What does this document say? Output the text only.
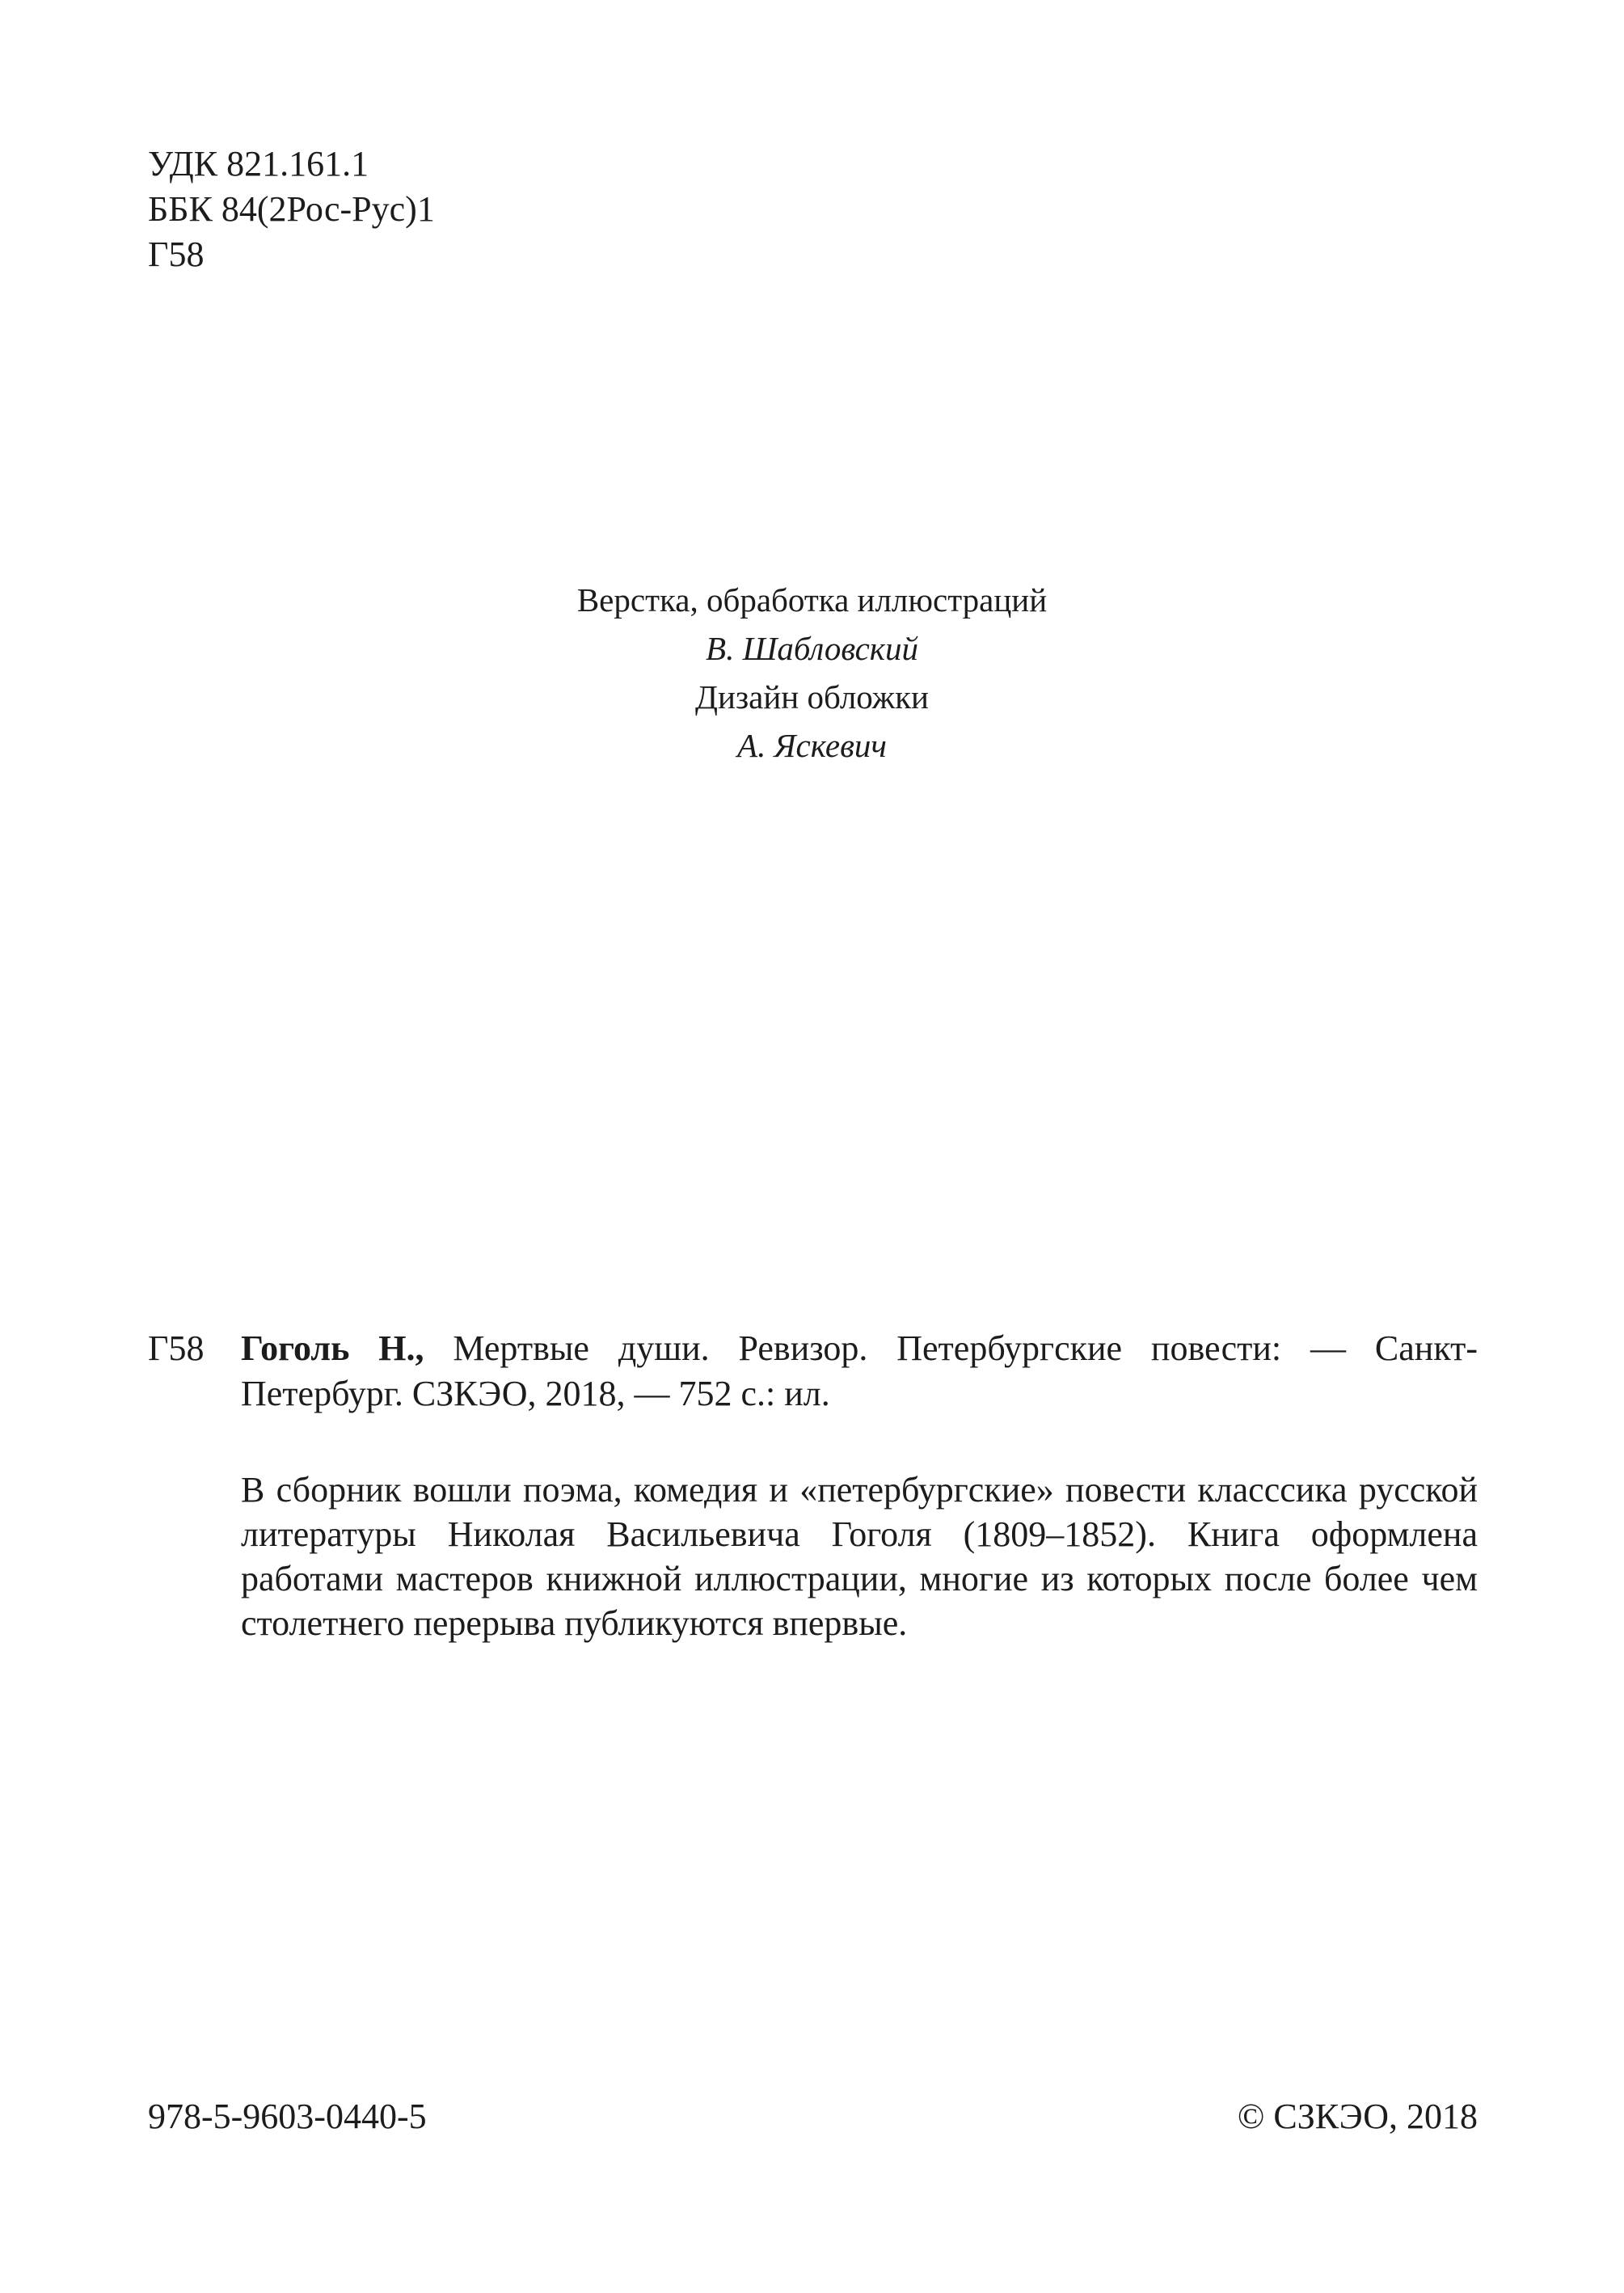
УДК 821.161.1
ББК 84(2Рос-Рус)1
Г58
Верстка, обработка иллюстраций
В. Шабловский
Дизайн обложки
А. Яскевич
Г58 Гоголь Н., Мертвые души. Ревизор. Петербургские повести: — Санкт-Петербург. СЗКЭО, 2018, — 752 с.: ил.
В сборник вошли поэма, комедия и «петербургские» повести класссика русской литературы Николая Васильевича Гоголя (1809–1852). Книга оформлена работами мастеров книжной иллюстрации, многие из которых после более чем столетнего перерыва публикуются впервые.
978-5-9603-0440-5	© СЗКЭО, 2018
